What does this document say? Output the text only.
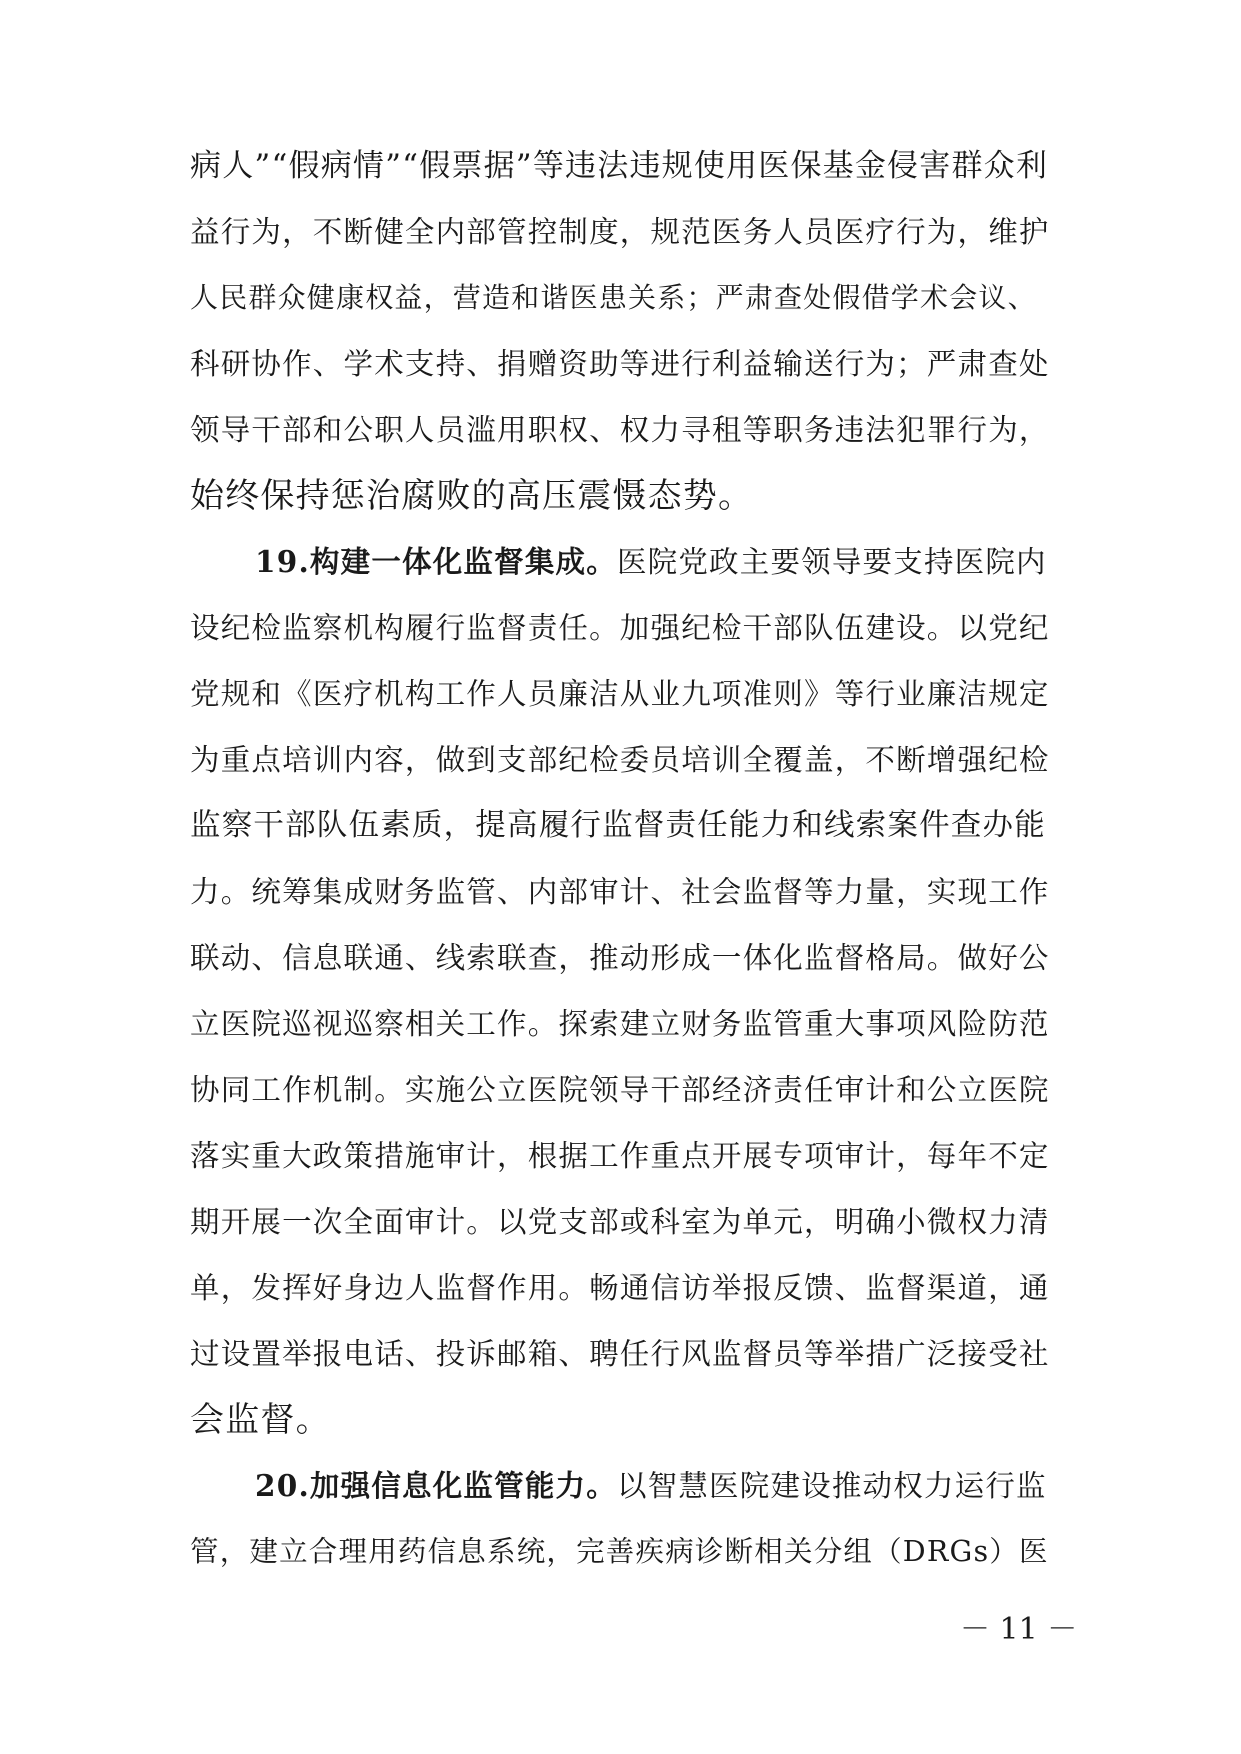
病人”“假病情”“假票据”等违法违规使用医保基金侵害群众利
益行为，不断健全内部管控制度，规范医务人员医疗行为，维护
人民群众健康权益，营造和谐医患关系；严肃查处假借学术会议、
科研协作、学术支持、捐赠资助等进行利益输送行为；严肃查处
领导干部和公职人员滥用职权、权力寻租等职务违法犯罪行为，
始终保持惩治腐败的高压震慑态势。
19.构建一体化监督集成。医院党政主要领导要支持医院内
设纪检监察机构履行监督责任。加强纪检干部队伍建设。以党纪
党规和《医疗机构工作人员廉洁从业九项准则》等行业廉洁规定
为重点培训内容，做到支部纪检委员培训全覆盖，不断增强纪检
监察干部队伍素质，提高履行监督责任能力和线索案件查办能
力。统筹集成财务监管、内部审计、社会监督等力量，实现工作
联动、信息联通、线索联查，推动形成一体化监督格局。做好公
立医院巡视巡察相关工作。探索建立财务监管重大事项风险防范
协同工作机制。实施公立医院领导干部经济责任审计和公立医院
落实重大政策措施审计，根据工作重点开展专项审计，每年不定
期开展一次全面审计。以党支部或科室为单元，明确小微权力清
单，发挥好身边人监督作用。畅通信访举报反馈、监督渠道，通
过设置举报电话、投诉邮箱、聘任行风监督员等举措广泛接受社
会监督。
20.加强信息化监管能力。以智慧医院建设推动权力运行监
管，建立合理用药信息系统，完善疾病诊断相关分组（DRGs）医
－ 11 －
